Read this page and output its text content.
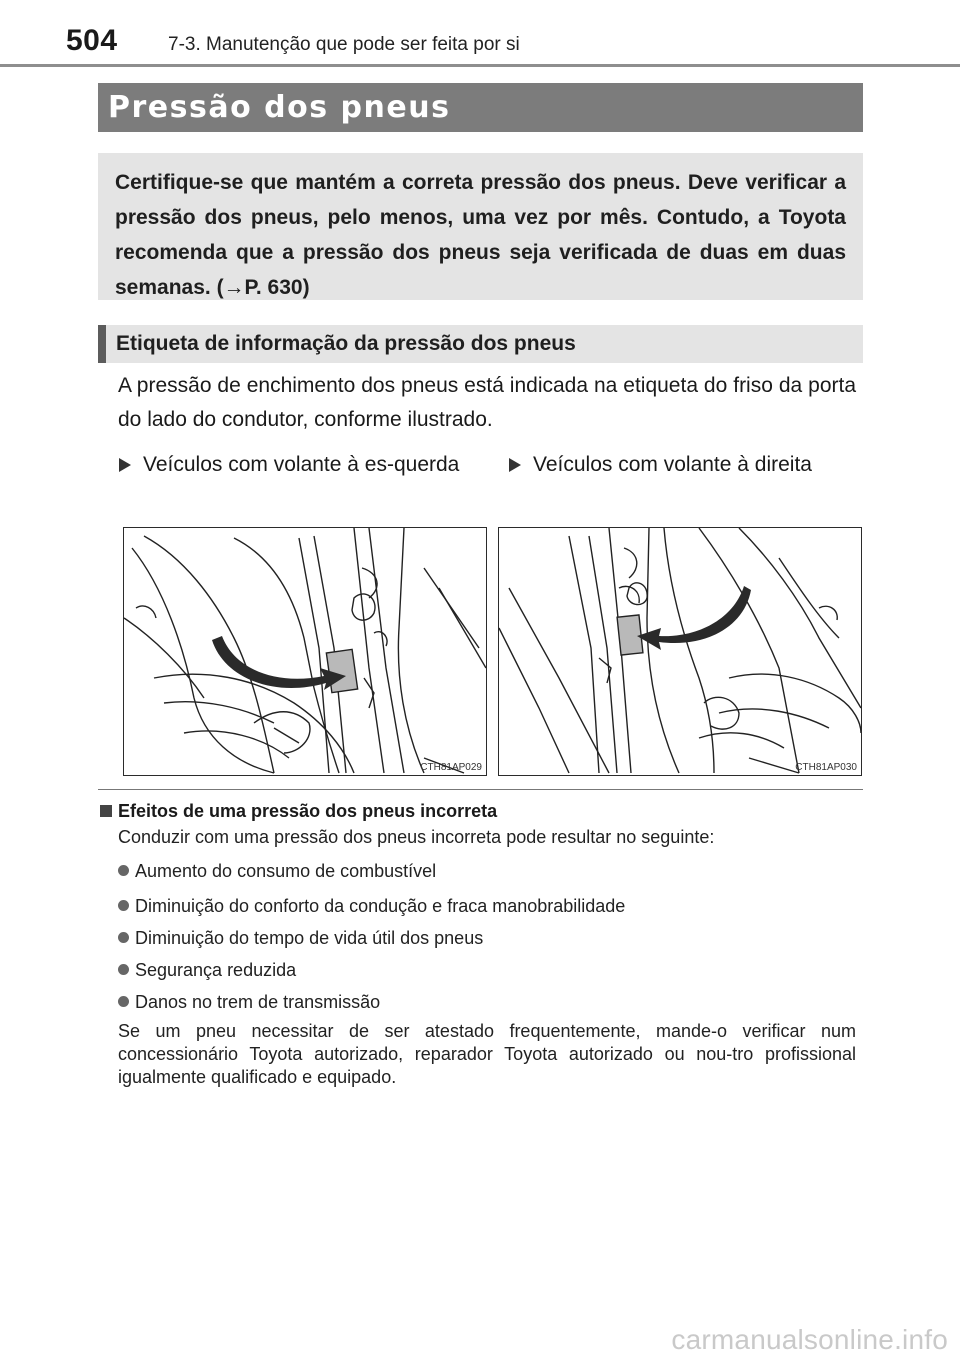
504	7-3. Manutenção que pode ser feita por si
Pressão dos pneus
Certifique-se que mantém a correta pressão dos pneus. Deve verificar a pressão dos pneus, pelo menos, uma vez por mês. Contudo, a Toyota recomenda que a pressão dos pneus seja verificada de duas em duas semanas. (→P. 630)
Etiqueta de informação da pressão dos pneus
A pressão de enchimento dos pneus está indicada na etiqueta do friso da porta do lado do condutor, conforme ilustrado.
Veículos com volante à es-querda	Veículos com volante à direita
CTH81AP029	CTH81AP030
Efeitos de uma pressão dos pneus incorreta
Conduzir com uma pressão dos pneus incorreta pode resultar no seguinte:
Aumento do consumo de combustível
Diminuição do conforto da condução e fraca manobrabilidade
Diminuição do tempo de vida útil dos pneus
Segurança reduzida
Danos no trem de transmissão
Se um pneu necessitar de ser atestado frequentemente, mande-o verificar num concessionário Toyota autorizado, reparador Toyota autorizado ou nou-tro profissional igualmente qualificado e equipado.
carmanualsonline.info
